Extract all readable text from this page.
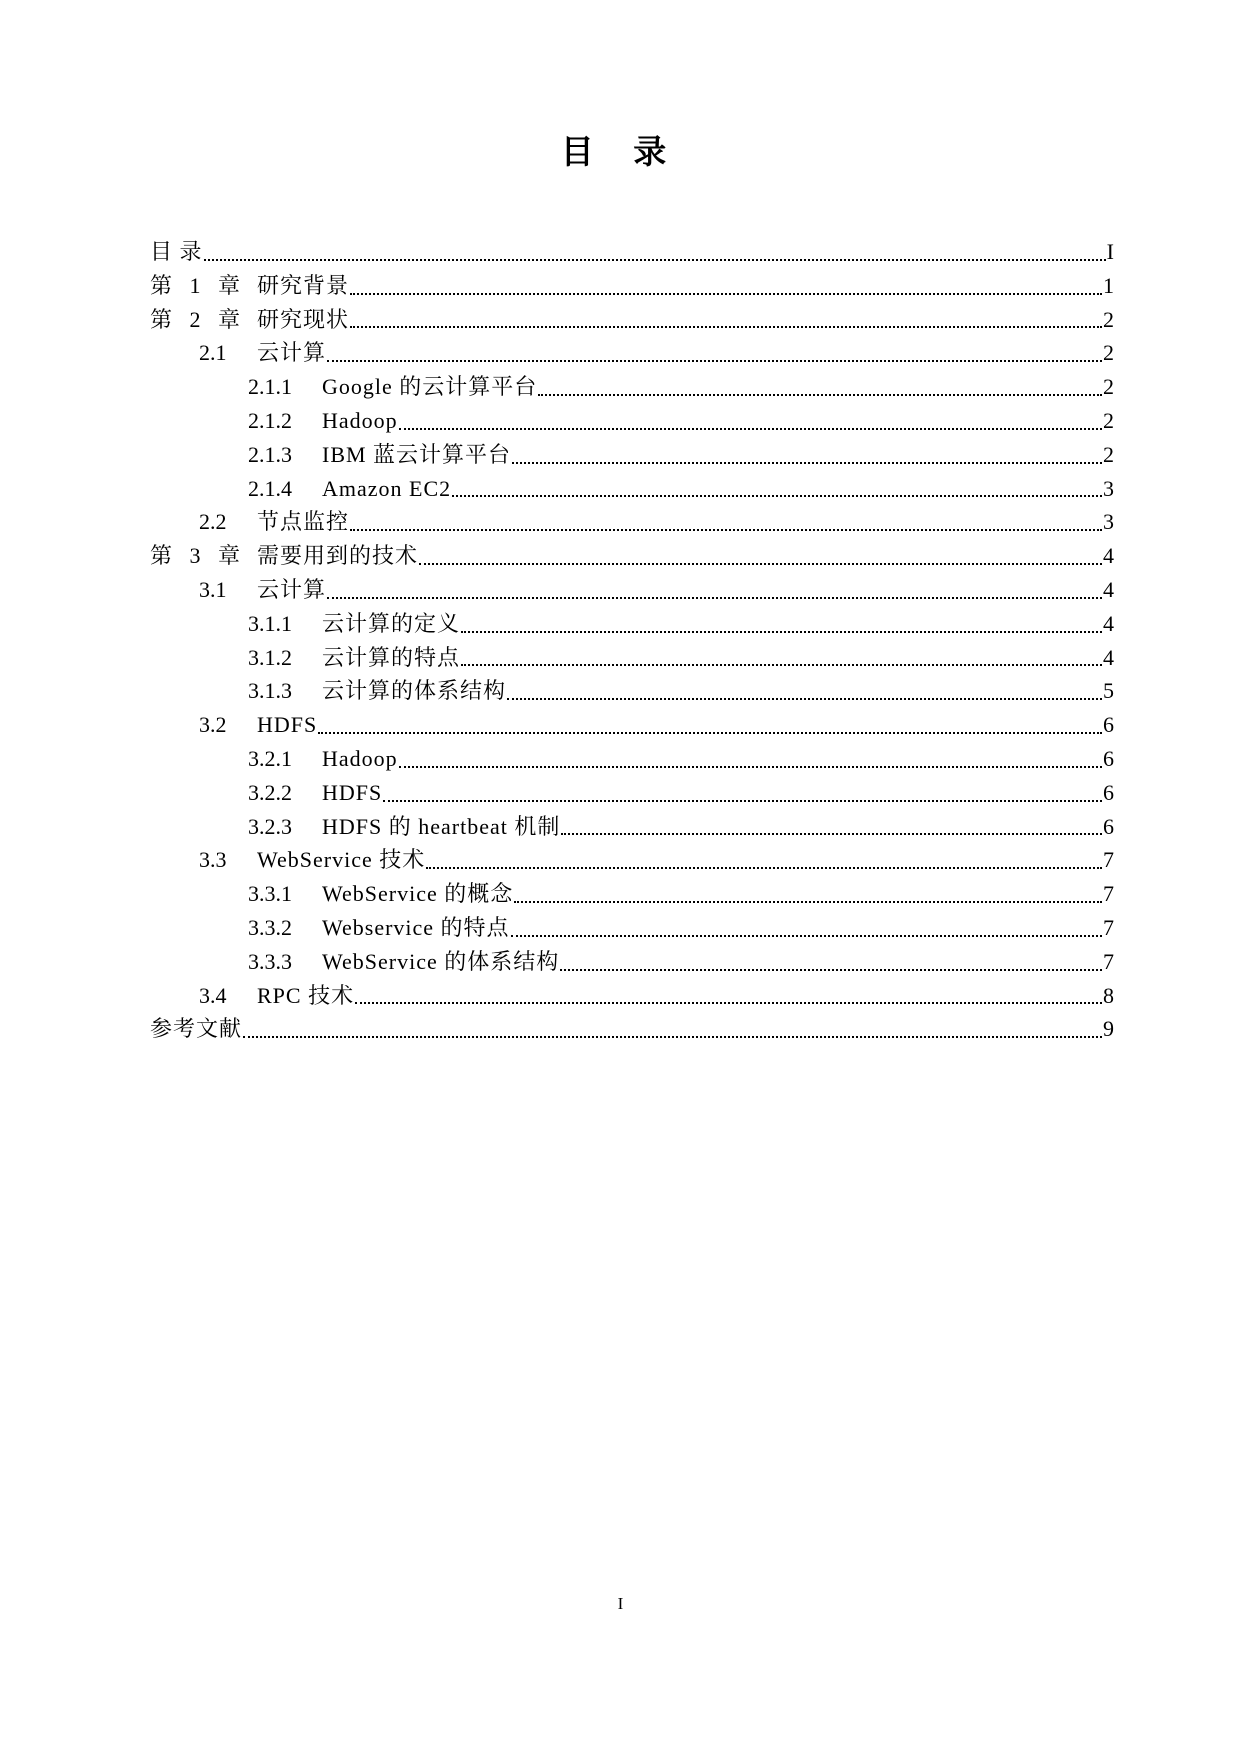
目 录
目 录	I
第 1 章 研究背景	1
第 2 章 研究现状	2
2.1	云计算	2
2.1.1	Google 的云计算平台	2
2.1.2	Hadoop	2
2.1.3	IBM 蓝云计算平台	2
2.1.4	Amazon EC2	3
2.2	节点监控	3
第 3 章 需要用到的技术	4
3.1	云计算	4
3.1.1	云计算的定义	4
3.1.2	云计算的特点	4
3.1.3	云计算的体系结构	5
3.2	HDFS	6
3.2.1	Hadoop	6
3.2.2	HDFS	6
3.2.3	HDFS 的 heartbeat 机制	6
3.3	WebService 技术	7
3.3.1	WebService 的概念	7
3.3.2	Webservice 的特点	7
3.3.3	WebService 的体系结构	7
3.4	RPC 技术	8
参考文献	9
I
